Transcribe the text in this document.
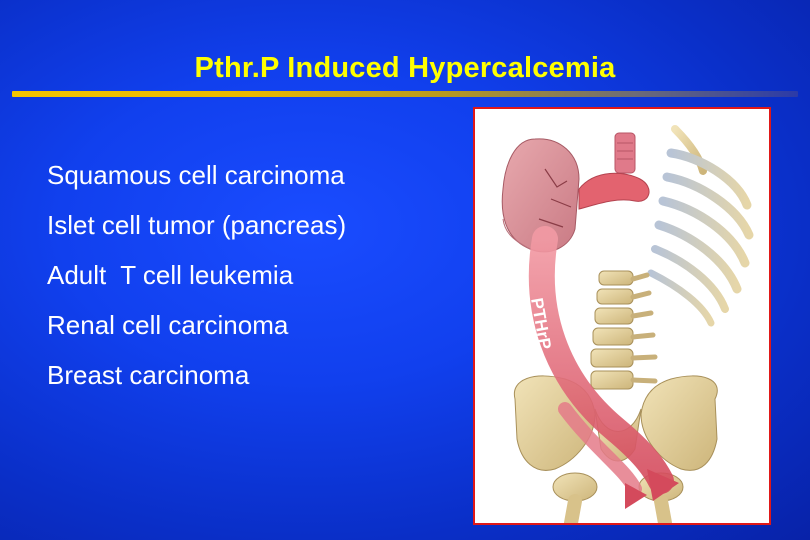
Pthr.P Induced Hypercalcemia
Squamous cell carcinoma
Islet cell tumor (pancreas)
Adult  T cell leukemia
Renal cell carcinoma
Breast carcinoma
PTHrP
